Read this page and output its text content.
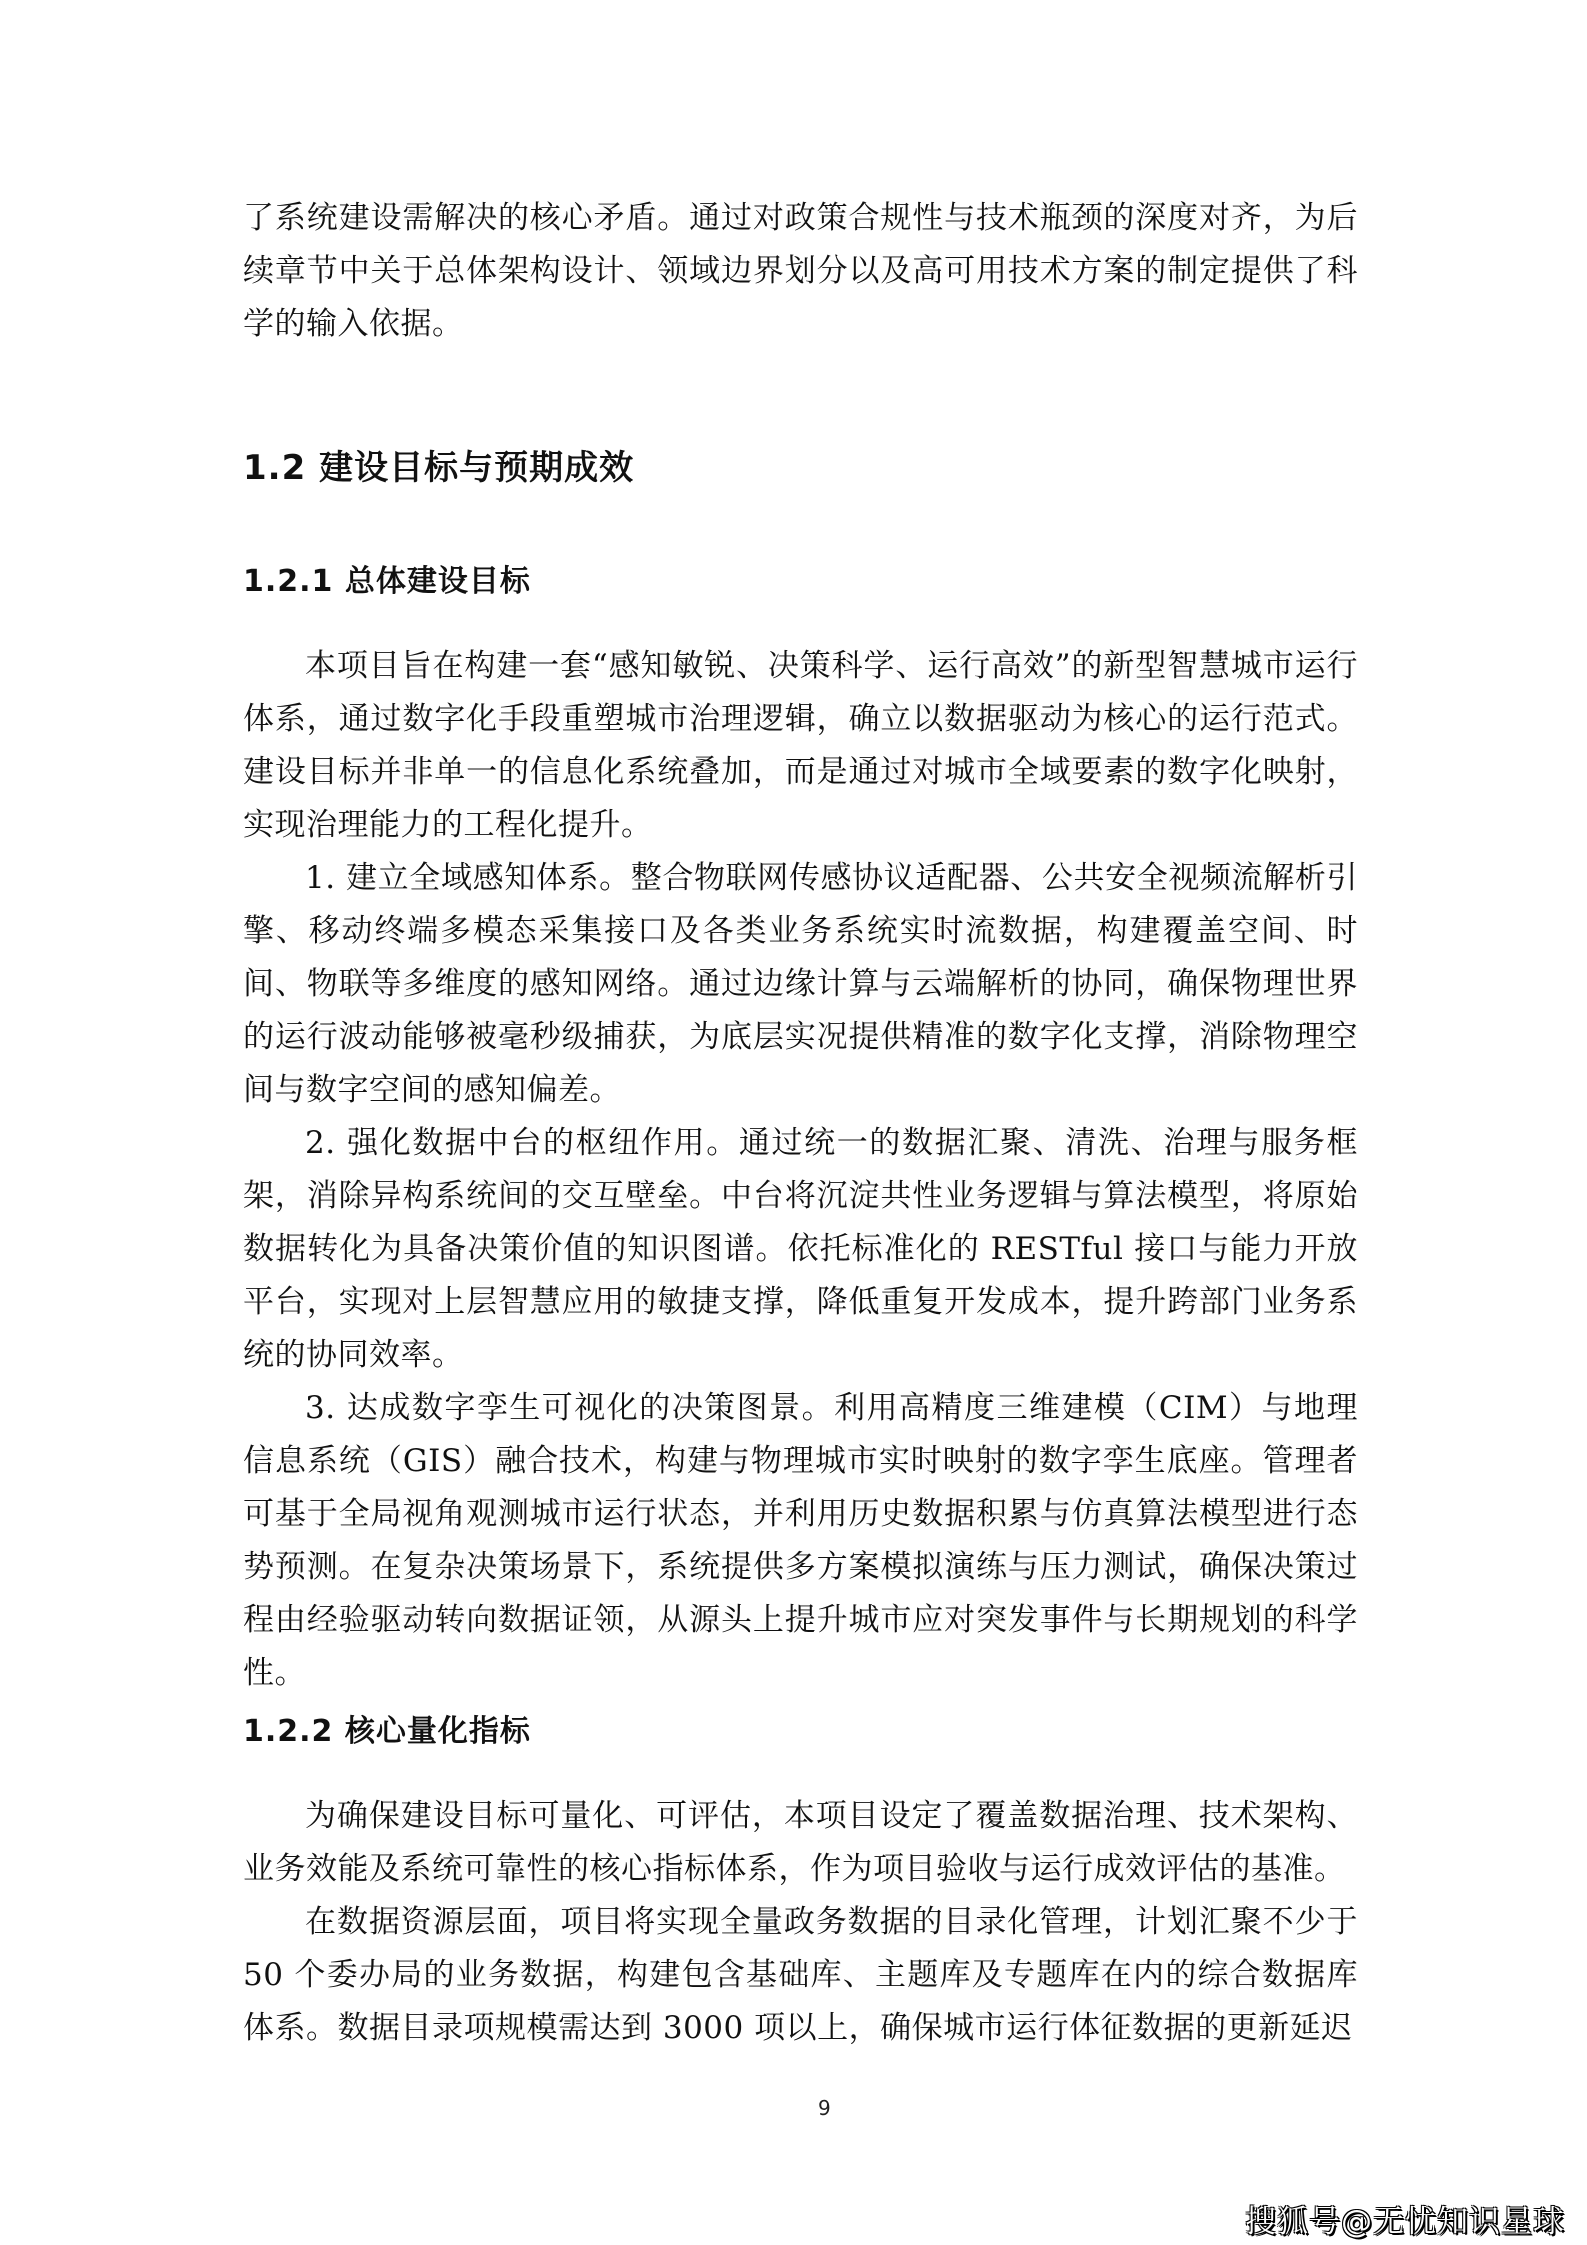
了系统建设需解决的核心矛盾。通过对政策合规性与技术瓶颈的深度对齐，为后续章节中关于总体架构设计、领域边界划分以及高可用技术方案的制定提供了科学的输入依据。

1.2 建设目标与预期成效
1.2.1 总体建设目标

本项目旨在构建一套“感知敏锐、决策科学、运行高效”的新型智慧城市运行体系，通过数字化手段重塑城市治理逻辑，确立以数据驱动为核心的运行范式。建设目标并非单一的信息化系统叠加，而是通过对城市全域要素的数字化映射，实现治理能力的工程化提升。

1. 建立全域感知体系。整合物联网传感协议适配器、公共安全视频流解析引擎、移动终端多模态采集接口及各类业务系统实时流数据，构建覆盖空间、时间、物联等多维度的感知网络。通过边缘计算与云端解析的协同，确保物理世界的运行波动能够被毫秒级捕获，为底层实况提供精准的数字化支撑，消除物理空间与数字空间的感知偏差。

2. 强化数据中台的枢纽作用。通过统一的数据汇聚、清洗、治理与服务框架，消除异构系统间的交互壁垒。中台将沉淀共性业务逻辑与算法模型，将原始数据转化为具备决策价值的知识图谱。依托标准化的 RESTful 接口与能力开放平台，实现对上层智慧应用的敏捷支撑，降低重复开发成本，提升跨部门业务系统的协同效率。

3. 达成数字孪生可视化的决策图景。利用高精度三维建模（CIM）与地理信息系统（GIS）融合技术，构建与物理城市实时映射的数字孪生底座。管理者可基于全局视角观测城市运行状态，并利用历史数据积累与仿真算法模型进行态势预测。在复杂决策场景下，系统提供多方案模拟演练与压力测试，确保决策过程由经验驱动转向数据证领，从源头上提升城市应对突发事件与长期规划的科学性。

1.2.2 核心量化指标

为确保建设目标可量化、可评估，本项目设定了覆盖数据治理、技术架构、业务效能及系统可靠性的核心指标体系，作为项目验收与运行成效评估的基准。

在数据资源层面，项目将实现全量政务数据的目录化管理，计划汇聚不少于 50 个委办局的业务数据，构建包含基础库、主题库及专题库在内的综合数据库体系。数据目录项规模需达到 3000 项以上，确保城市运行体征数据的更新延迟

9
搜狐号@无忧知识星球
